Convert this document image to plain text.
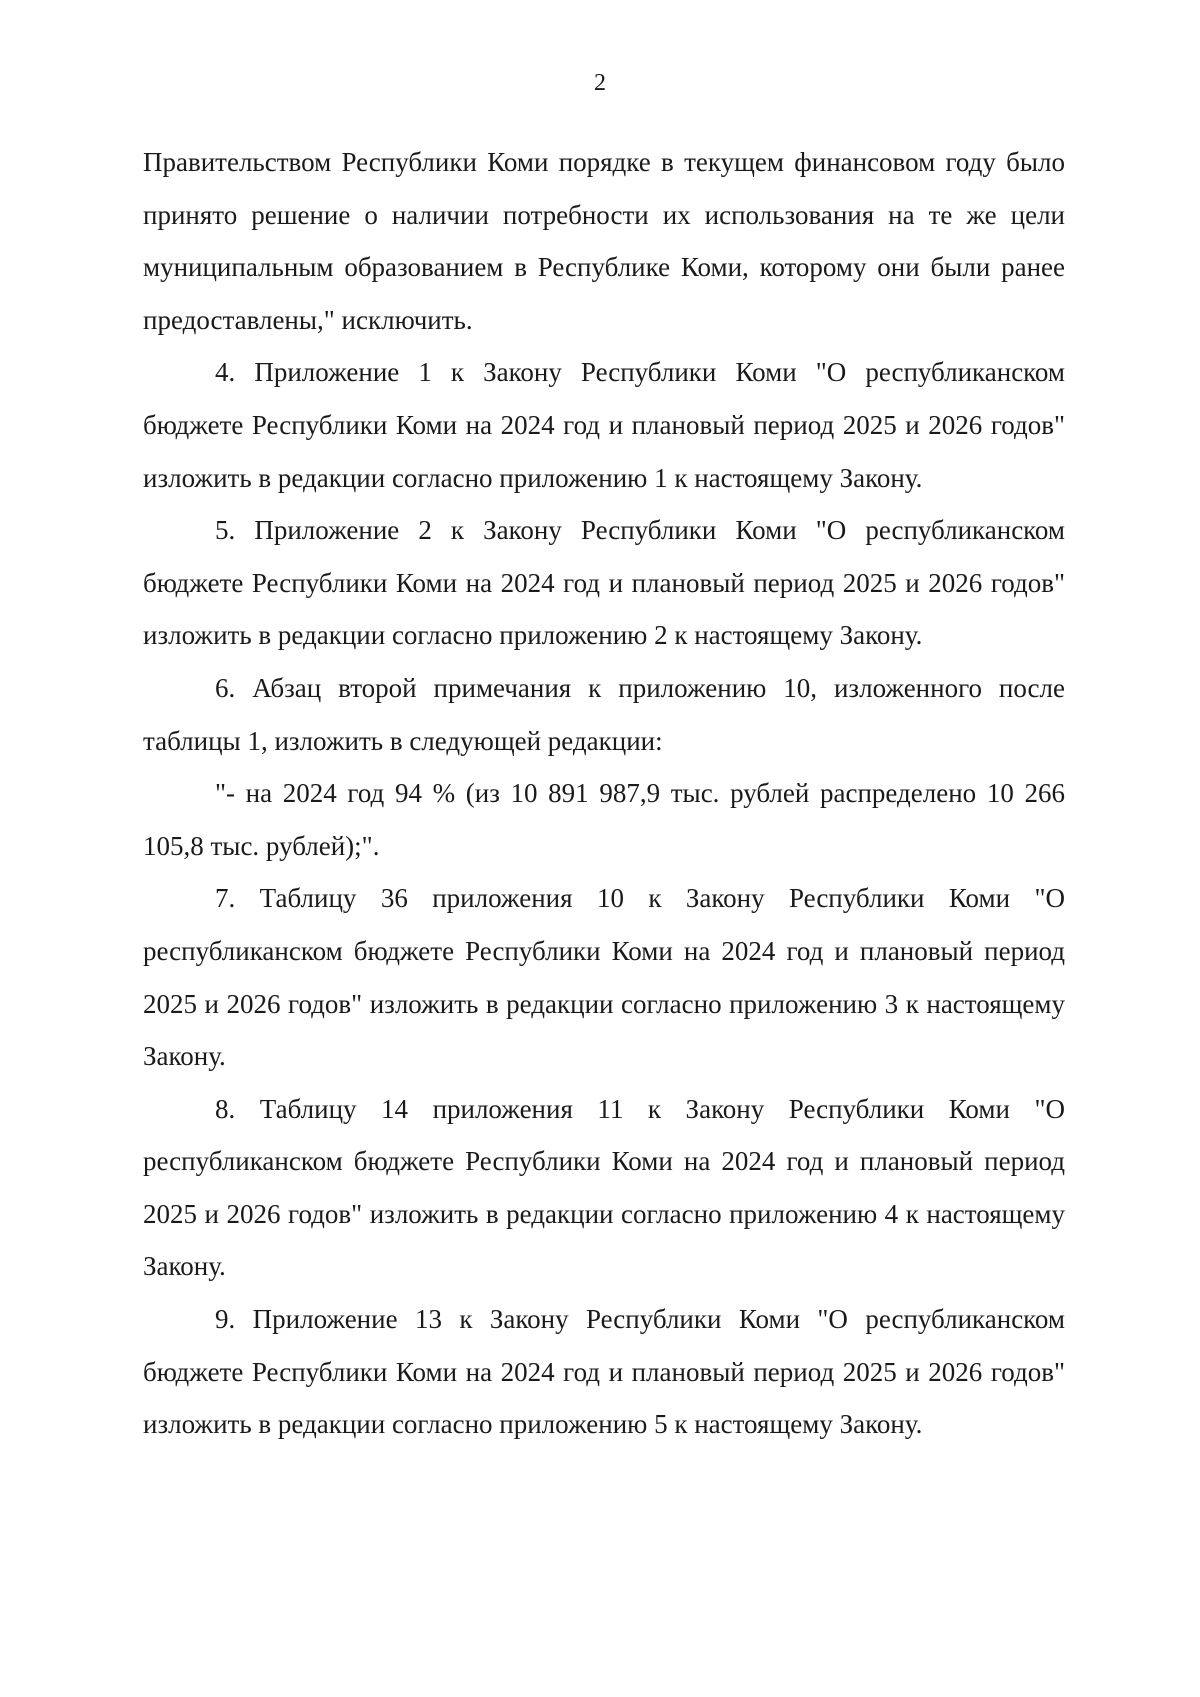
2

Правительством Республики Коми порядке в текущем финансовом году было принято решение о наличии потребности их использования на те же цели муниципальным образованием в Республике Коми, которому они были ранее предоставлены," исключить.

4. Приложение 1 к Закону Республики Коми "О республиканском бюджете Республики Коми на 2024 год и плановый период 2025 и 2026 годов" изложить в редакции согласно приложению 1 к настоящему Закону.

5. Приложение 2 к Закону Республики Коми "О республиканском бюджете Республики Коми на 2024 год и плановый период 2025 и 2026 годов" изложить в редакции согласно приложению 2 к настоящему Закону.

6. Абзац второй примечания к приложению 10, изложенного после таблицы 1, изложить в следующей редакции:

"- на 2024 год 94 % (из 10 891 987,9 тыс. рублей распределено 10 266 105,8 тыс. рублей);".

7. Таблицу 36 приложения 10 к Закону Республики Коми "О республиканском бюджете Республики Коми на 2024 год и плановый период 2025 и 2026 годов" изложить в редакции согласно приложению 3 к настоящему Закону.

8. Таблицу 14 приложения 11 к Закону Республики Коми "О республиканском бюджете Республики Коми на 2024 год и плановый период 2025 и 2026 годов" изложить в редакции согласно приложению 4 к настоящему Закону.

9. Приложение 13 к Закону Республики Коми "О республиканском бюджете Республики Коми на 2024 год и плановый период 2025 и 2026 годов" изложить в редакции согласно приложению 5 к настоящему Закону.
